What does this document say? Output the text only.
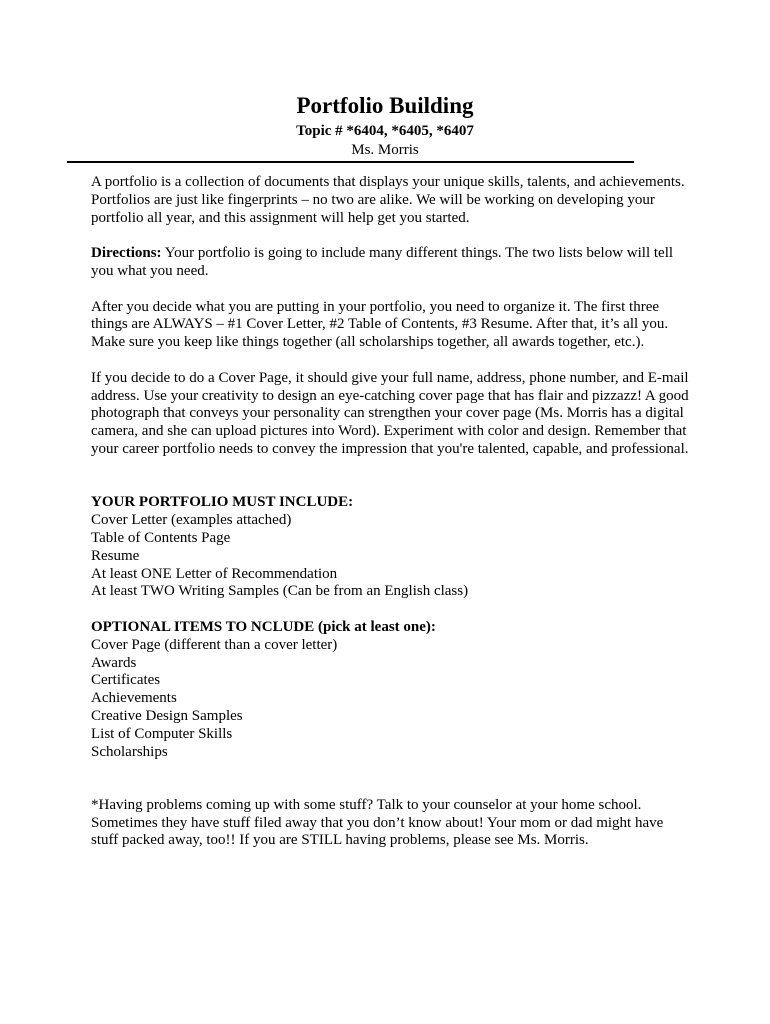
Portfolio Building
Topic # *6404, *6405, *6407
Ms. Morris

A portfolio is a collection of documents that displays your unique skills, talents, and achievements. Portfolios are just like fingerprints – no two are alike. We will be working on developing your portfolio all year, and this assignment will help get you started.

Directions: Your portfolio is going to include many different things. The two lists below will tell you what you need.

After you decide what you are putting in your portfolio, you need to organize it. The first three things are ALWAYS – #1 Cover Letter, #2 Table of Contents, #3 Resume. After that, it’s all you. Make sure you keep like things together (all scholarships together, all awards together, etc.).

If you decide to do a Cover Page, it should give your full name, address, phone number, and E-mail address. Use your creativity to design an eye-catching cover page that has flair and pizzazz! A good photograph that conveys your personality can strengthen your cover page (Ms. Morris has a digital camera, and she can upload pictures into Word). Experiment with color and design. Remember that your career portfolio needs to convey the impression that you're talented, capable, and professional.

YOUR PORTFOLIO MUST INCLUDE:
Cover Letter (examples attached)
Table of Contents Page
Resume
At least ONE Letter of Recommendation
At least TWO Writing Samples (Can be from an English class)
OPTIONAL ITEMS TO NCLUDE (pick at least one):
Cover Page (different than a cover letter)
Awards
Certificates
Achievements
Creative Design Samples
List of Computer Skills
Scholarships

*Having problems coming up with some stuff? Talk to your counselor at your home school. Sometimes they have stuff filed away that you don’t know about! Your mom or dad might have stuff packed away, too!! If you are STILL having problems, please see Ms. Morris.
